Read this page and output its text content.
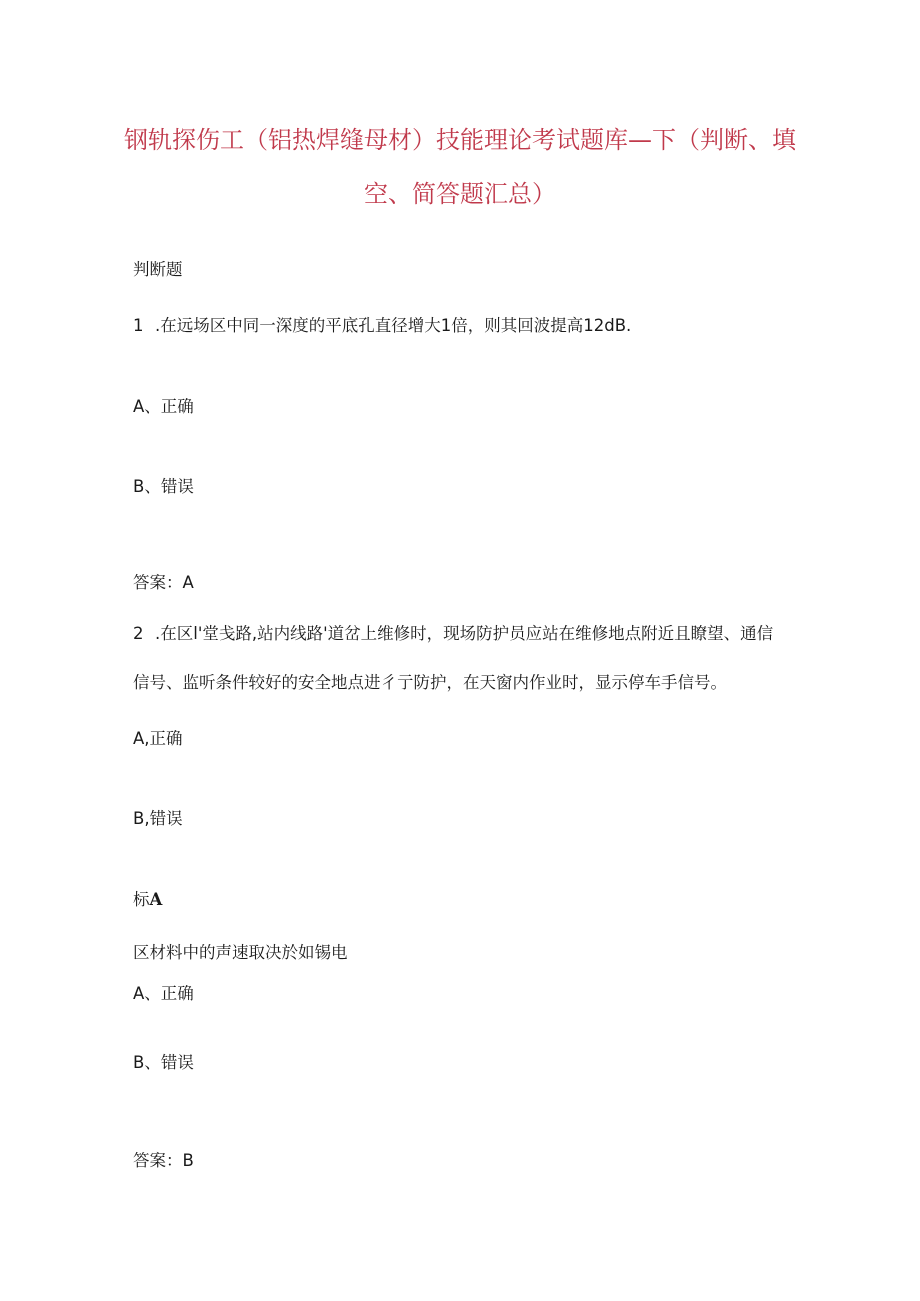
钢轨探伤工（铝热焊缝母材）技能理论考试题库—下（判断、填
空、简答题汇总）
判断题
1 .在远场区中同一深度的平底孔直径增大1倍，则其回波提高12dB.
A、正确
B、错误
答案：A
2 .在区l'堂戋路,站内线路'道岔上维修时，现场防护员应站在维修地点附近且瞭望、通信
信号、监听条件较好的安全地点进彳亍防护，在天窗内作业时，显示停车手信号。
A,正确
B,错误
标A
区材料中的声速取决於如锡电
A、正确
B、错误
答案：B
